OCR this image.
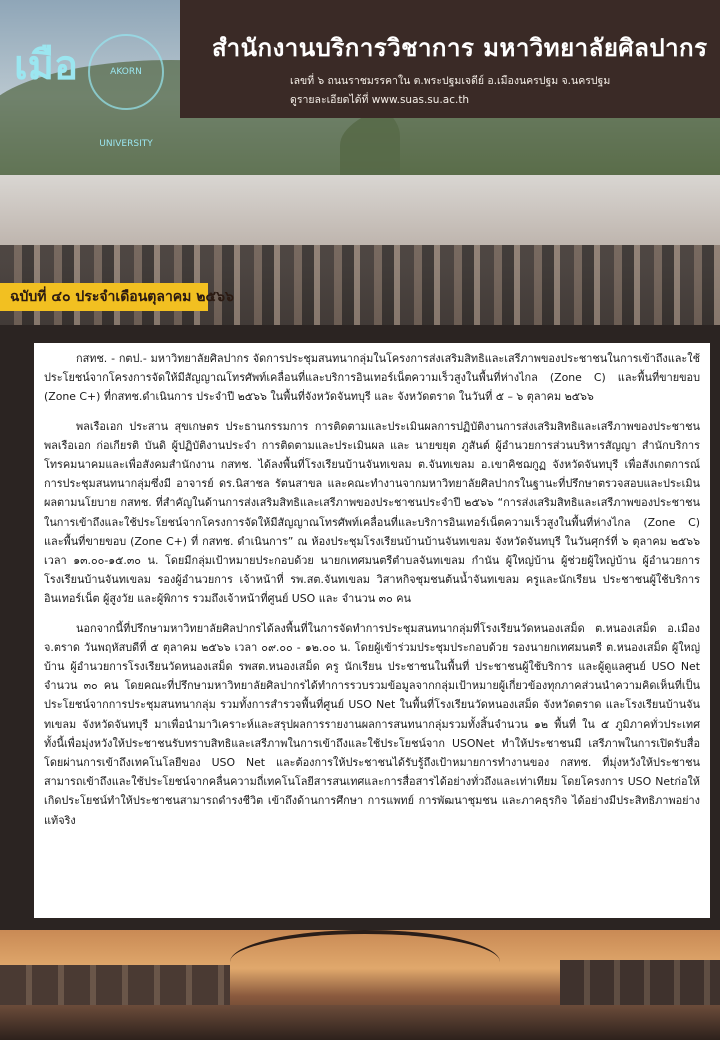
เมือ	AKORN UNIVERSITY
สำนักงานบริการวิชาการ มหาวิทยาลัยศิลปากร
เลขที่ ๖ ถนนราชมรรคาใน ต.พระปฐมเจดีย์ อ.เมืองนครปฐม จ.นครปฐม
ดูรายละเอียดได้ที่ www.suas.su.ac.th
ฉบับที่ ๔๐ ประจำเดือนตุลาคม ๒๕๖๖

กสทช. - กตป.- มหาวิทยาลัยศิลปากร จัดการประชุมสนทนากลุ่มในโครงการส่งเสริมสิทธิและเสรีภาพของประชาชนในการเข้าถึงและใช้ประโยชน์จากโครงการจัดให้มีสัญญาณโทรศัพท์เคลื่อนที่และบริการอินเทอร์เน็ตความเร็วสูงในพื้นที่ห่างไกล (Zone C) และพื้นที่ขายขอบ (Zone C+) ที่กสทช.ดำเนินการ ประจำปี ๒๕๖๖ ในพื้นที่จังหวัดจันทบุรี และ จังหวัดตราด ในวันที่ ๕ – ๖ ตุลาคม ๒๕๖๖

พลเรือเอก ประสาน สุขเกษตร ประธานกรรมการ การติดตามและประเมินผลการปฏิบัติงานการส่งเสริมสิทธิและเสรีภาพของประชาชน พลเรือเอก ก่อเกียรติ บันดิ ผู้ปฏิบัติงานประจำ การติดตามและประเมินผล และ นายขยุต ภูสันต์ ผู้อำนวยการส่วนบริหารสัญญา สำนักบริการโทรคมนาคมและเพื่อสังคมสำนักงาน กสทช. ได้ลงพื้นที่โรงเรียนบ้านจันทเขลม ต.จันทเขลม อ.เขาคิชฌกูฏ จังหวัดจันทบุรี เพื่อสังเกตการณ์การประชุมสนทนากลุ่มซึ่งมี อาจารย์ ดร.นิสาชล รัตนสาขล และคณะทำงานจากมหาวิทยาลัยศิลปากรในฐานะที่ปรึกษาตรวจสอบและประเมินผลตามนโยบาย กสทช. ที่สำคัญในด้านการส่งเสริมสิทธิและเสรีภาพของประชาชนประจำปี ๒๕๖๖ “การส่งเสริมสิทธิและเสรีภาพของประชาชนในการเข้าถึงและใช้ประโยชน์จากโครงการจัดให้มีสัญญาณโทรศัพท์เคลื่อนที่และบริการอินเทอร์เน็ตความเร็วสูงในพื้นที่ห่างไกล (Zone C) และพื้นที่ขายขอบ (Zone C+) ที่ กสทช. ดำเนินการ” ณ ห้องประชุมโรงเรียนบ้านบ้านจันทเขลม จังหวัดจันทบุรี ในวันศุกร์ที่ ๖ ตุลาคม ๒๕๖๖ เวลา ๑๓.๐๐-๑๕.๓๐ น. โดยมีกลุ่มเป้าหมายประกอบด้วย นายกเทศมนตรีตำบลจันทเขลม กำนัน ผู้ใหญ่บ้าน ผู้ช่วยผู้ใหญ่บ้าน ผู้อำนวยการโรงเรียนบ้านจันทเขลม รองผู้อำนวยการ เจ้าหน้าที่ รพ.สต.จันทเขลม วิสาหกิจชุมชนต้นน้ำจันทเขลม ครูและนักเรียน ประชาชนผู้ใช้บริการอินเทอร์เน็ต ผู้สูงวัย และผู้พิการ รวมถึงเจ้าหน้าที่ศูนย์ USO และ จำนวน ๓๐ คน

นอกจากนี้ที่ปรึกษามหาวิทยาลัยศิลปากรได้ลงพื้นที่ในการจัดทำการประชุมสนทนากลุ่มที่โรงเรียนวัดหนองเสม็ด ต.หนองเสม็ด อ.เมือง จ.ตราด วันพฤหัสบดีที่ ๕ ตุลาคม ๒๕๖๖ เวลา ๐๙.๐๐ - ๑๒.๐๐ น. โดยผู้เข้าร่วมประชุมประกอบด้วย รองนายกเทศมนตรี ต.หนองเสม็ด ผู้ใหญ่บ้าน ผู้อำนวยการโรงเรียนวัดหนองเสม็ด รพสต.หนองเสม็ด ครู นักเรียน ประชาชนในพื้นที่ ประชาชนผู้ใช้บริการ และผู้ดูแลศูนย์ USO Net จำนวน ๓๐ คน โดยคณะที่ปรึกษามหาวิทยาลัยศิลปากรได้ทำการรวบรวมข้อมูลจากกลุ่มเป้าหมายผู้เกี่ยวข้องทุกภาคส่วนนำความคิดเห็นที่เป็นประโยชน์จากการประชุมสนทนากลุ่ม รวมทั้งการสำรวจพื้นที่ศูนย์ USO Net ในพื้นที่โรงเรียนวัดหนองเสม็ด จังหวัดตราด และโรงเรียนบ้านจันทเขลม จังหวัดจันทบุรี มาเพื่อนำมาวิเคราะห์และสรุปผลการรายงานผลการสนทนากลุ่มรวมทั้งสิ้นจำนวน ๑๒ พื้นที่ ใน ๕ ภูมิภาคทั่วประเทศ ทั้งนี้เพื่อมุ่งหวังให้ประชาชนรับทราบสิทธิและเสรีภาพในการเข้าถึงและใช้ประโยชน์จาก USONet ทำให้ประชาชนมี เสรีภาพในการเปิดรับสื่อ โดยผ่านการเข้าถึงเทคโนโลยีของ USO Net และต้องการให้ประชาชนได้รับรู้ถึงเป้าหมายการทำงานของ กสทช. ที่มุ่งหวังให้ประชาชนสามารถเข้าถึงและใช้ประโยชน์จากคลื่นความถี่เทคโนโลยีสารสนเทศและการสื่อสารได้อย่างทั่วถึงและเท่าเทียม โดยโครงการ USO Netก่อให้เกิดประโยชน์ทำให้ประชาชนสามารถดำรงชีวิต เข้าถึงด้านการศึกษา การแพทย์ การพัฒนาชุมชน และภาคธุรกิจ ได้อย่างมีประสิทธิภาพอย่างแท้จริง
